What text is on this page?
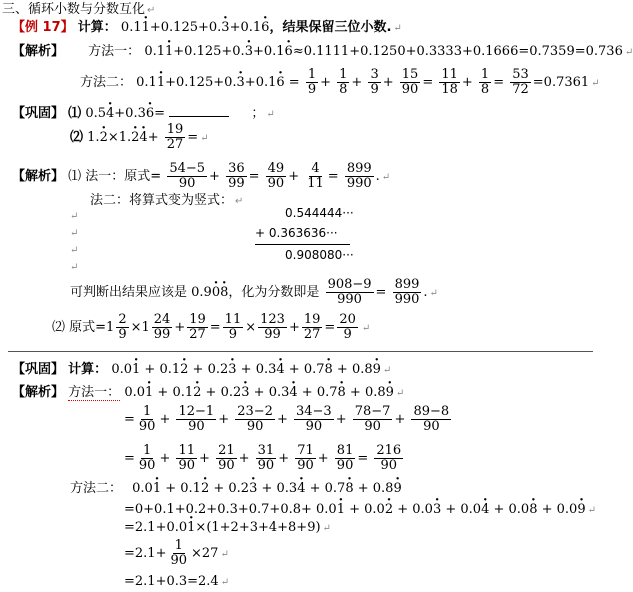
三、循环小数与分数互化 ↵
【例 17】 计算： 0.1· 1+0.125+0.· 3+0.1· 6，结果保留三位小数. ↵
【解析】 方法一： 0.1· 1+0.125+0.· 3+0.1· 6≈0.1111+0.1250+0.3333+0.1666=0.7359=0.736 ↵
方法二： $0.1\cdot 1+0.125+0.\cdot 3+0.1\cdot 6 = \frac{1}{9} + \frac{1}{8} + \frac{3}{9} + \frac{15}{90} = \frac{11}{18} + \frac{1}{8} = \frac{53}{72} =0.7361$ ↵
【巩固】 ⑴ 0.5· 4+0.3· 6=	； ↵
⑵ $1.\cdot 2\times 1.\cdot 2\cdot 4+ \frac{19}{27}$ = ↵
【解析】 ⑴ 法一：原式= $\frac{54-5}{90} + \frac{36}{99} = \frac{49}{90} + \frac{4}{11} = \frac{899}{990}$ . ↵
法二：将算式变为竖式： ↵
↵
↵
↵
↵
0.544444···
+ 0.363636···
0.908080···
可判断出结果应该是 0.9· 0· 8，化为分数即是 $\frac{908-9}{990} = \frac{899}{990}$ . ↵
⑵ 原式$=1 \frac{2}{9} \times 1 \frac{24}{99} + \frac{19}{27} = \frac{11}{9} \times \frac{123}{99} + \frac{19}{27} = \frac{20}{9}$ ↵
【巩固】 计算： 0.0· 1 + 0.1· 2 + 0.2· 3 + 0.3· 4 + 0.7· 8 + 0.8· 9 ↵
【解析】 方法一： 0.0· 1 + 0.1· 2 + 0.2· 3 + 0.3· 4 + 0.7· 8 + 0.8· 9 ↵
= $\frac{1}{90} + \frac{12-1}{90} + \frac{23-2}{90} + \frac{34-3}{90} + \frac{78-7}{90} + \frac{89-8}{90}$
= $\frac{1}{90} + \frac{11}{90} + \frac{21}{90} + \frac{31}{90} + \frac{71}{90} + \frac{81}{90} = \frac{216}{90}$
方法二： 0.0· 1 + 0.1· 2 + 0.2· 3 + 0.3· 4 + 0.7· 8 + 0.8· 9
=0+0.1+0.2+0.3+0.7+0.8+ 0.0· 1 + 0.0· 2 + 0.0· 3 + 0.0· 4 + 0.0· 8 + 0.0· 9 ↵
=2.1+0.0· 1×(1+2+3+4+8+9) ↵
$=2.1+ \frac{1}{90} \times 27$ ↵
=2.1+0.3=2.4 ↵
